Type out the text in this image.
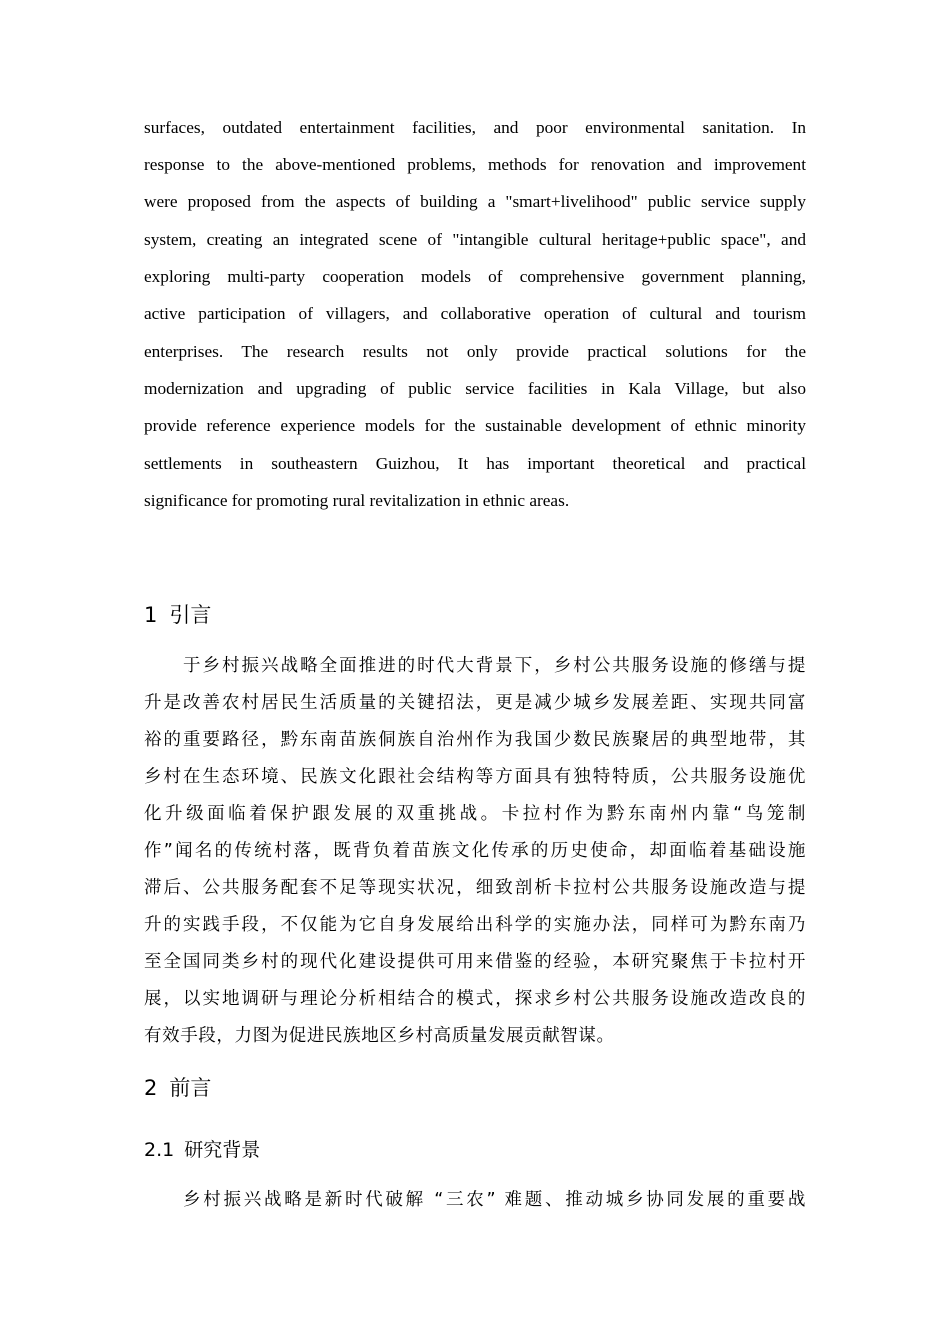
surfaces, outdated entertainment facilities, and poor environmental sanitation. In
response to the above-mentioned problems, methods for renovation and improvement
were proposed from the aspects of building a "smart+livelihood" public service supply
system, creating an integrated scene of "intangible cultural heritage+public space", and
exploring multi-party cooperation models of comprehensive government planning,
active participation of villagers, and collaborative operation of cultural and tourism
enterprises. The research results not only provide practical solutions for the
modernization and upgrading of public service facilities in Kala Village, but also
provide reference experience models for the sustainable development of ethnic minority
settlements in southeastern Guizhou, It has important theoretical and practical
significance for promoting rural revitalization in ethnic areas.
1 引言
于乡村振兴战略全面推进的时代大背景下，乡村公共服务设施的修缮与提
升是改善农村居民生活质量的关键招法，更是减少城乡发展差距、实现共同富
裕的重要路径，黔东南苗族侗族自治州作为我国少数民族聚居的典型地带，其
乡村在生态环境、民族文化跟社会结构等方面具有独特特质，公共服务设施优
化升级面临着保护跟发展的双重挑战。卡拉村作为黔东南州内靠“鸟笼制
作”闻名的传统村落，既背负着苗族文化传承的历史使命，却面临着基础设施
滞后、公共服务配套不足等现实状况，细致剖析卡拉村公共服务设施改造与提
升的实践手段，不仅能为它自身发展给出科学的实施办法，同样可为黔东南乃
至全国同类乡村的现代化建设提供可用来借鉴的经验，本研究聚焦于卡拉村开
展，以实地调研与理论分析相结合的模式，探求乡村公共服务设施改造改良的
有效手段，力图为促进民族地区乡村高质量发展贡献智谋。
2 前言
2.1 研究背景
乡村振兴战略是新时代破解 “三农” 难题、推动城乡协同发展的重要战
